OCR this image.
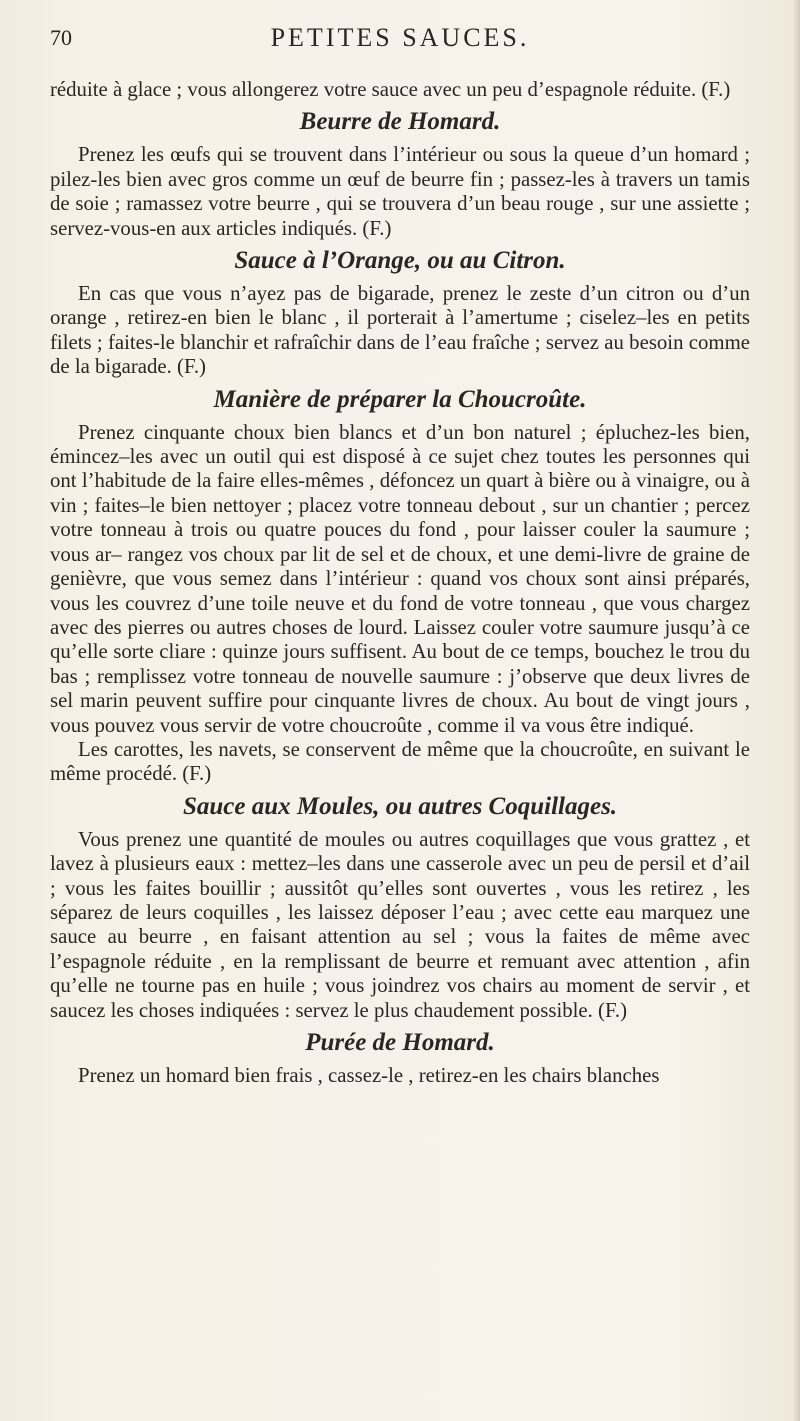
70	PETITES SAUCES.

réduite à glace ; vous allongerez votre sauce avec un peu d’espagnole réduite. (F.)

Beurre de Homard.

Prenez les œufs qui se trouvent dans l’intérieur ou sous la queue d’un homard ; pilez-les bien avec gros comme un œuf de beurre fin ; passez-les à travers un tamis de soie ; ramassez votre beurre , qui se trouvera d’un beau rouge , sur une assiette ; servez-vous-en aux articles indiqués. (F.)

Sauce à l’Orange, ou au Citron.

En cas que vous n’ayez pas de bigarade, prenez le zeste d’un citron ou d’un orange , retirez-en bien le blanc , il porterait à l’amertume ; ciselez–les en petits filets ; faites-le blanchir et rafraîchir dans de l’eau fraîche ; servez au besoin comme de la bigarade. (F.)

Manière de préparer la Choucroûte.

Prenez cinquante choux bien blancs et d’un bon naturel ; épluchez-les bien, émincez–les avec un outil qui est disposé à ce sujet chez toutes les personnes qui ont l’habitude de la faire elles-mêmes , défoncez un quart à bière ou à vinaigre, ou à vin ; faites–le bien nettoyer ; placez votre tonneau debout , sur un chantier ; percez votre tonneau à trois ou quatre pouces du fond , pour laisser couler la saumure ; vous ar– rangez vos choux par lit de sel et de choux, et une demi-livre de graine de genièvre, que vous semez dans l’intérieur : quand vos choux sont ainsi préparés, vous les couvrez d’une toile neuve et du fond de votre tonneau , que vous chargez avec des pierres ou autres choses de lourd. Laissez couler votre saumure jusqu’à ce qu’elle sorte cliare : quinze jours suffisent. Au bout de ce temps, bouchez le trou du bas ; remplissez votre tonneau de nouvelle saumure : j’observe que deux livres de sel marin peuvent suffire pour cinquante livres de choux. Au bout de vingt jours , vous pouvez vous servir de votre choucroûte , comme il va vous être indiqué.

Les carottes, les navets, se conservent de même que la choucroûte, en suivant le même procédé. (F.)

Sauce aux Moules, ou autres Coquillages.

Vous prenez une quantité de moules ou autres coquillages que vous grattez , et lavez à plusieurs eaux : mettez–les dans une casserole avec un peu de persil et d’ail ; vous les faites bouillir ; aussitôt qu’elles sont ouvertes , vous les retirez , les séparez de leurs coquilles , les laissez déposer l’eau ; avec cette eau marquez une sauce au beurre , en faisant attention au sel ; vous la faites de même avec l’espagnole réduite , en la remplissant de beurre et remuant avec attention , afin qu’elle ne tourne pas en huile ; vous joindrez vos chairs au moment de servir , et saucez les choses indiquées : servez le plus chaudement possible. (F.)

Purée de Homard.

Prenez un homard bien frais , cassez-le , retirez-en les chairs blanches
